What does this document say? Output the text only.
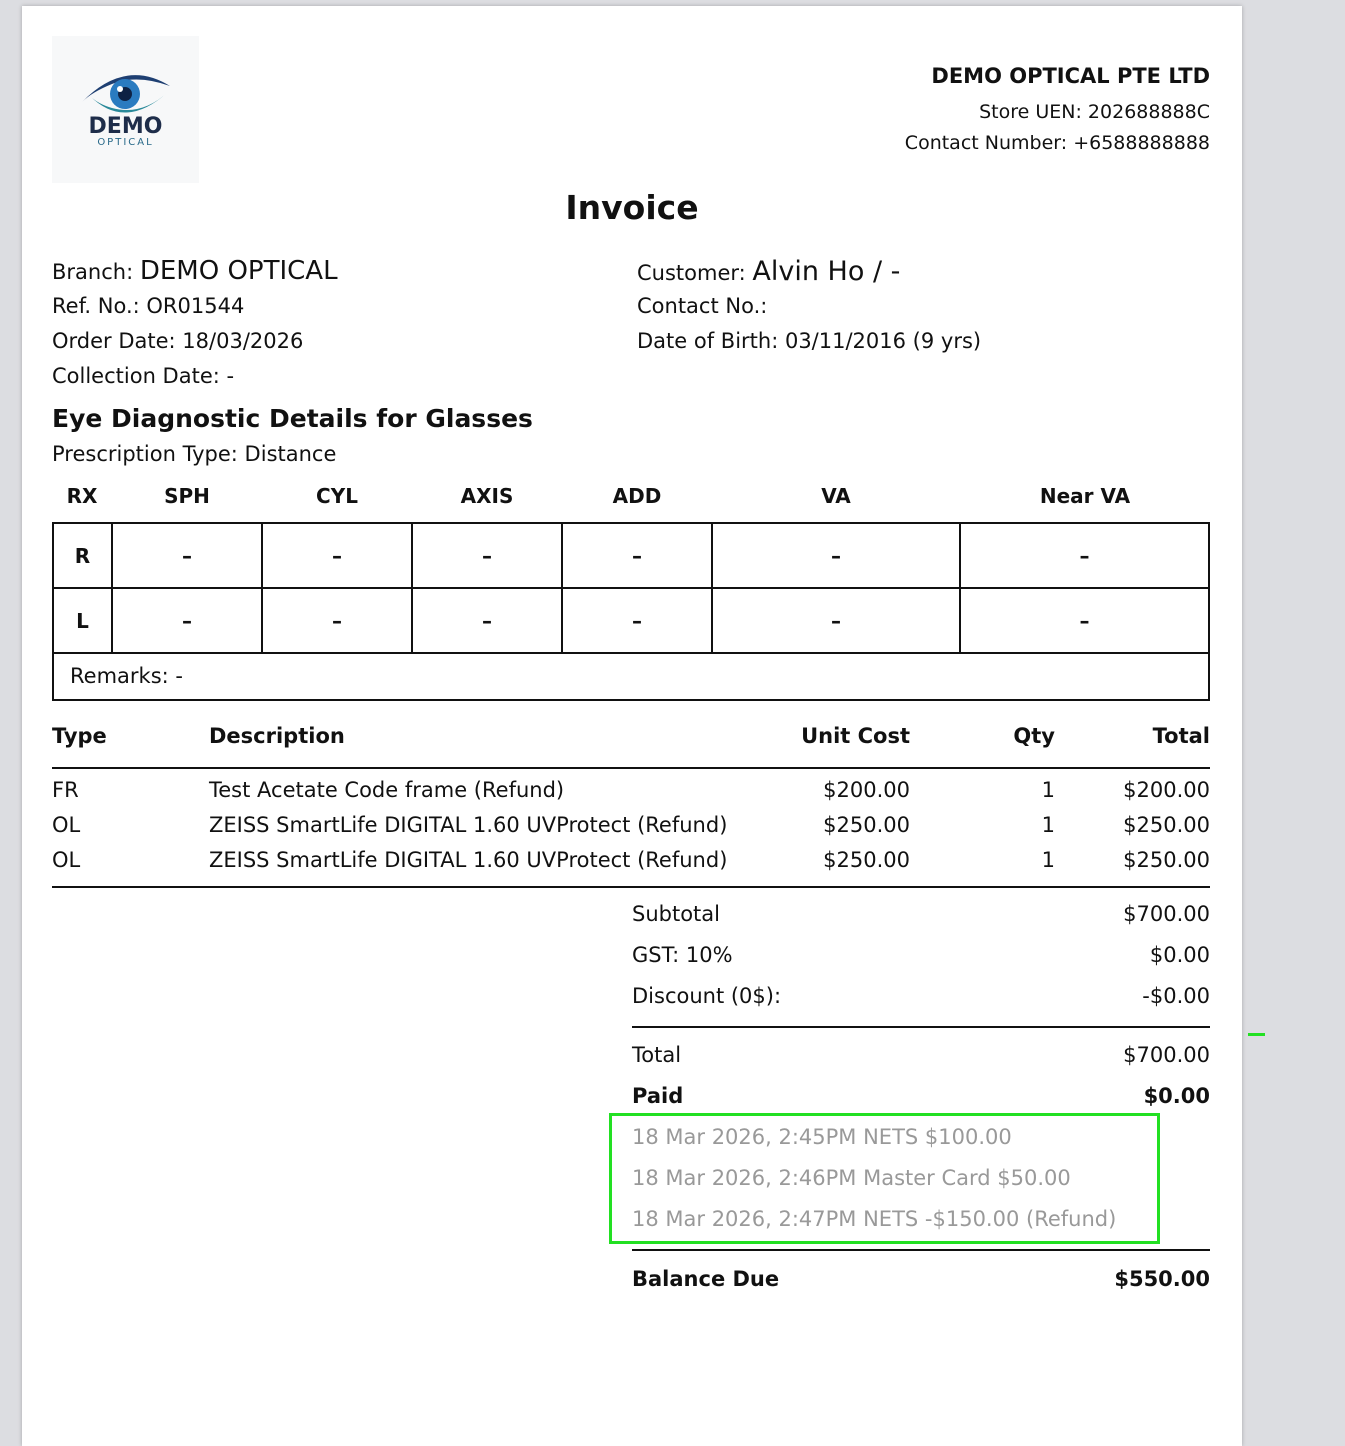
DEMO
OPTICAL
DEMO OPTICAL PTE LTD
Store UEN: 202688888C
Contact Number: +6588888888
Invoice
Branch: DEMO OPTICAL
Ref. No.: OR01544
Order Date: 18/03/2026
Collection Date: -
Customer: Alvin Ho / -
Contact No.:
Date of Birth: 03/11/2016 (9 yrs)
Eye Diagnostic Details for Glasses
Prescription Type: Distance
RX	SPH	CYL	AXIS	ADD	VA	Near VA
R	–	–	–	–	–	–
L	–	–	–	–	–	–
Remarks: -
Type	Description	Unit Cost	Qty	Total
FR	Test Acetate Code frame (Refund)	$200.00	1	$200.00
OL	ZEISS SmartLife DIGITAL 1.60 UVProtect (Refund)	$250.00	1	$250.00
OL	ZEISS SmartLife DIGITAL 1.60 UVProtect (Refund)	$250.00	1	$250.00
Subtotal	$700.00
GST: 10%	$0.00
Discount (0$):	-$0.00
Total	$700.00
Paid	$0.00
18 Mar 2026, 2:45PM NETS $100.00
18 Mar 2026, 2:46PM Master Card $50.00
18 Mar 2026, 2:47PM NETS -$150.00 (Refund)
Balance Due	$550.00
